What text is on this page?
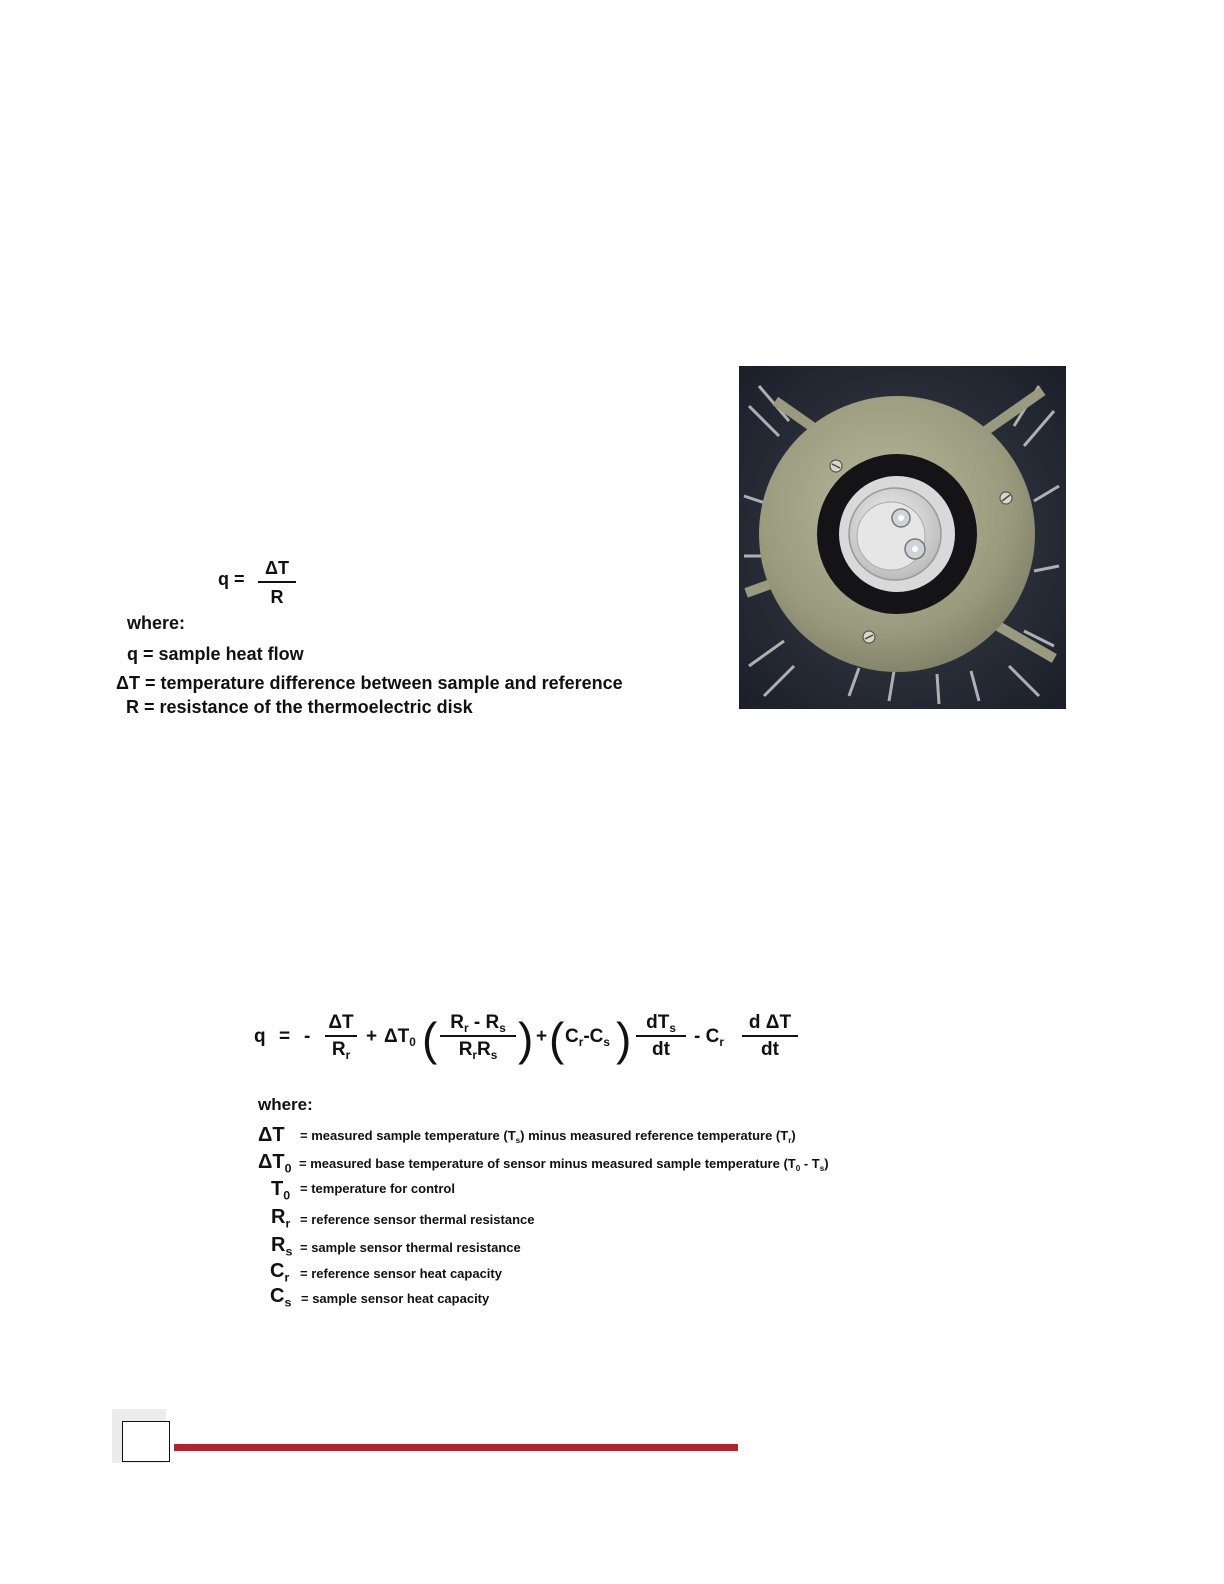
q =
ΔT
R
where:
q = sample heat flow
ΔT = temperature difference between sample and reference
R = resistance of the thermoelectric disk
q = -
ΔT
$R_r$
+ $\Delta T_0$ ( $R_r - R_s$
$R_rR_s$ ) + ( $C_r-C_s$ ) $dT_s$
dt
- $C_r$
d ΔT
dt
where:
ΔT = measured sample temperature $(T_s)$ minus measured reference temperature $(T_r)$
$\Delta T_0$ = measured base temperature of sensor minus measured sample temperature $(T_0 - T_s)$
$T_0$ = temperature for control
$R_r$ = reference sensor thermal resistance
$R_s$ = sample sensor thermal resistance
$C_r$ = reference sensor heat capacity
$C_s$ = sample sensor heat capacity
